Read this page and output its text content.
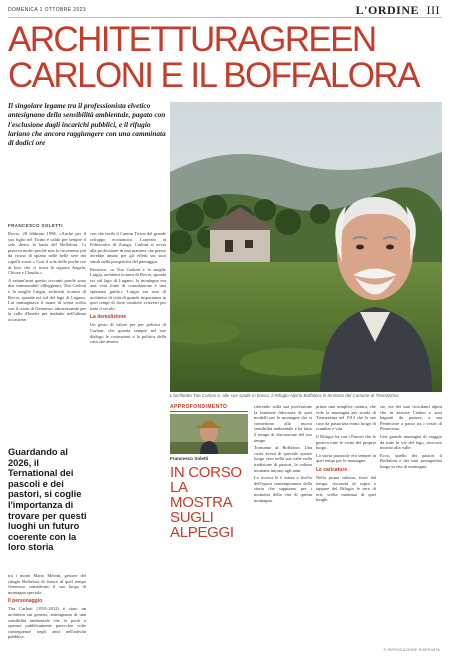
DOMENICA 1 OTTOBRE 2023	L'ORDINE III
ARCHITETTURAGREEN
CARLONI E IL BOFFALORA
Il singolare legame tra il professionista elvetico antesignano della sensibilità ambientale, pagato con l'esclusione dagli incarichi pubblici, e il rifugio lariano che ancora raggiungere con una camminata di dodici ore
FRANCESCO SOLETTI

Rovio, 28 febbraio 1998, «Anche per il suo figlio nel Ticino è caldo per sempre il sole dietro la baita del Boffalora. Ci piaceva molto perché non lo troveremo più da vicino di spiano nelle belle sere dei capelli vostri.» Così il sole delle poche ore di luce che ci trova la signora Angela, Chiosa e Claudio.»

A settant'anni questo toccanti parole sono due immancabili villeggianti, Tita Carloni e la moglie Luigia, architetti ticinesi di Rovio, sponda est sul del lago di Lugano. Lui immaginava il nome di scena scelto con il cuore di Generoso, attraversando per la valle d'Intelvi per malattie nell'ultima occasione.

Guardando al 2026, il Ternational dei pascoli e dei pastori, si coglie l'importanza di trovare per questi luoghi un futuro coerente con la loro storia

tra i monti Mario Meloni, gestore del rifugio Boffalora di fianco al quel tempo Generoso considerato il suo luogo di montagna speciale.

Il personaggio

Tita Carloni (1931-2012) è stato un architetto sui generis, antesignano di una sensibilità ambientale che lo portò a operare pubblicamente parecchie volte conseguenze negli anni nell'attività pubblica.

con che facile il Canton Ticino dal grande sviluppo economico. Laureato al Politecnico di Zurigo, Carloni si avvia alla professione in una maniera che presto avrebbe amato per gli effetti sui suoi simili nella prospettiva del paesaggio.

Recitava: «a Tita Carloni e la moglie Luigia, architetti ticinesi di Rovio, sponda est sul lago di Lugano, la montagna era una vera fonte di consolazione e una speranza guida.» Luigia era una di architetto di città di grande importanza in quei tempi di forte carattere svizzero per tutto il secolo.

La demolizione

Un gesto di valore per per politica di Carloni, che guarda sempre nel suo dialogo le costruzioni e la politica della casa che amava.

L'architetto Tita Carloni e, alle sue spalle in bosco, il Rifugio Alpino Boffalora in territorio del Comune di Tremezzina
APPROFONDIMENTO
Francesco Soletti
IN CORSO LA MOSTRA SUGLI ALPEGGI

riferendo sulla sua professione la funzione fiduciaria di quei modelli per le montagne che si connettono alla nuova sensibilità ambientale e ha fatto il tempo di discussione del suo tempo.

Torniamo al Boffalora. Una costa aveva di speciale questo luogo vero nella sua valle nella tradizione di pastori, la cultura montana intorno agli anni.

La ricerca le è intera a livello dell'epoca contemporanea della storia che sappiamo per i momenti della vita di questa montagna.

prima una semplice cattura, che vide la montagna per strada di Tremezzina nel 1913 che le sue case da pastorizia erano luogo di scambio e vita.

Il Rifugio ha con i Pastori che lo gestiva tutte le visite del proprio luogo.

La storia pastorale era sempre in quei tempi per le montagne.

Le caricature

Nella prima salerna, fuori dal tempo, riscontra di sopra o tappare del Rifugio le sere di orti, scelta montana di quei luoghi.

ste, via dei suoi ricordanti alpini che in azzurra Cenino o suoi bagnati da pastore, a sua Pentecoste a passo tra i vostri di Pentecoste.

Una grande montagna di viaggio da tutte le vie del lago, ritrovato intorno alla valle.

Ecco, quello dei pastori il Boffalora e dei suoi protagonisti lungo la vita di montagna.

© RIPRODUZIONE RISERVATA
